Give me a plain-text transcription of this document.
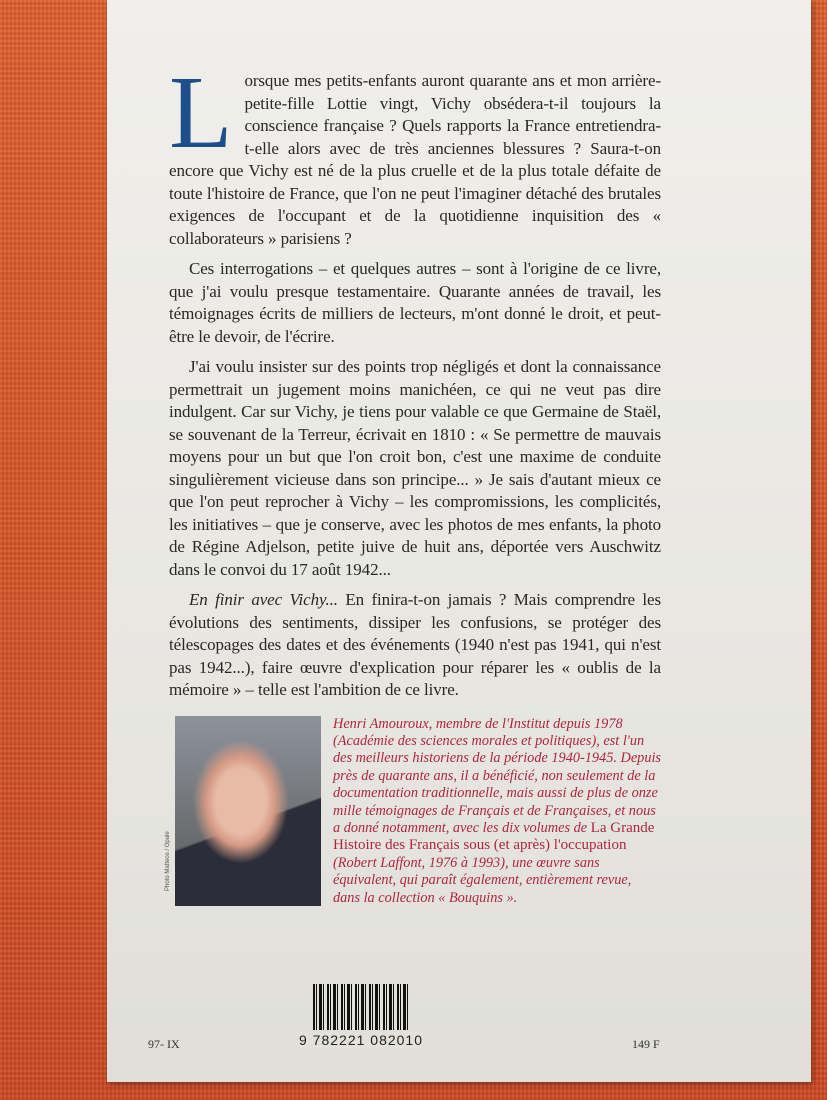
Lorsque mes petits-enfants auront quarante ans et mon arrière-petite-fille Lottie vingt, Vichy obsédera-t-il toujours la conscience française ? Quels rapports la France entretiendra-t-elle alors avec de très anciennes blessures ? Saura-t-on encore que Vichy est né de la plus cruelle et de la plus totale défaite de toute l'histoire de France, que l'on ne peut l'imaginer détaché des brutales exigences de l'occupant et de la quotidienne inquisition des « collaborateurs » parisiens ?

Ces interrogations – et quelques autres – sont à l'origine de ce livre, que j'ai voulu presque testamentaire. Quarante années de travail, les témoignages écrits de milliers de lecteurs, m'ont donné le droit, et peut-être le devoir, de l'écrire.

J'ai voulu insister sur des points trop négligés et dont la connaissance permettrait un jugement moins manichéen, ce qui ne veut pas dire indulgent. Car sur Vichy, je tiens pour valable ce que Germaine de Staël, se souvenant de la Terreur, écrivait en 1810 : « Se permettre de mauvais moyens pour un but que l'on croit bon, c'est une maxime de conduite singulièrement vicieuse dans son principe... » Je sais d'autant mieux ce que l'on peut reprocher à Vichy – les compromissions, les complicités, les initiatives – que je conserve, avec les photos de mes enfants, la photo de Régine Adjelson, petite juive de huit ans, déportée vers Auschwitz dans le convoi du 17 août 1942...

En finir avec Vichy... En finira-t-on jamais ? Mais comprendre les évolutions des sentiments, dissiper les confusions, se protéger des télescopages des dates et des événements (1940 n'est pas 1941, qui n'est pas 1942...), faire œuvre d'explication pour réparer les « oublis de la mémoire » – telle est l'ambition de ce livre.

Photo Matteos / Opale
Henri Amouroux, membre de l'Institut depuis 1978 (Académie des sciences morales et politiques), est l'un des meilleurs historiens de la période 1940-1945. Depuis près de quarante ans, il a bénéficié, non seulement de la documentation traditionnelle, mais aussi de plus de onze mille témoignages de Français et de Françaises, et nous a donné notamment, avec les dix volumes de La Grande Histoire des Français sous (et après) l'occupation (Robert Laffont, 1976 à 1993), une œuvre sans équivalent, qui paraît également, entièrement revue, dans la collection « Bouquins ».
97- IX	9 782221 082010	149 F
